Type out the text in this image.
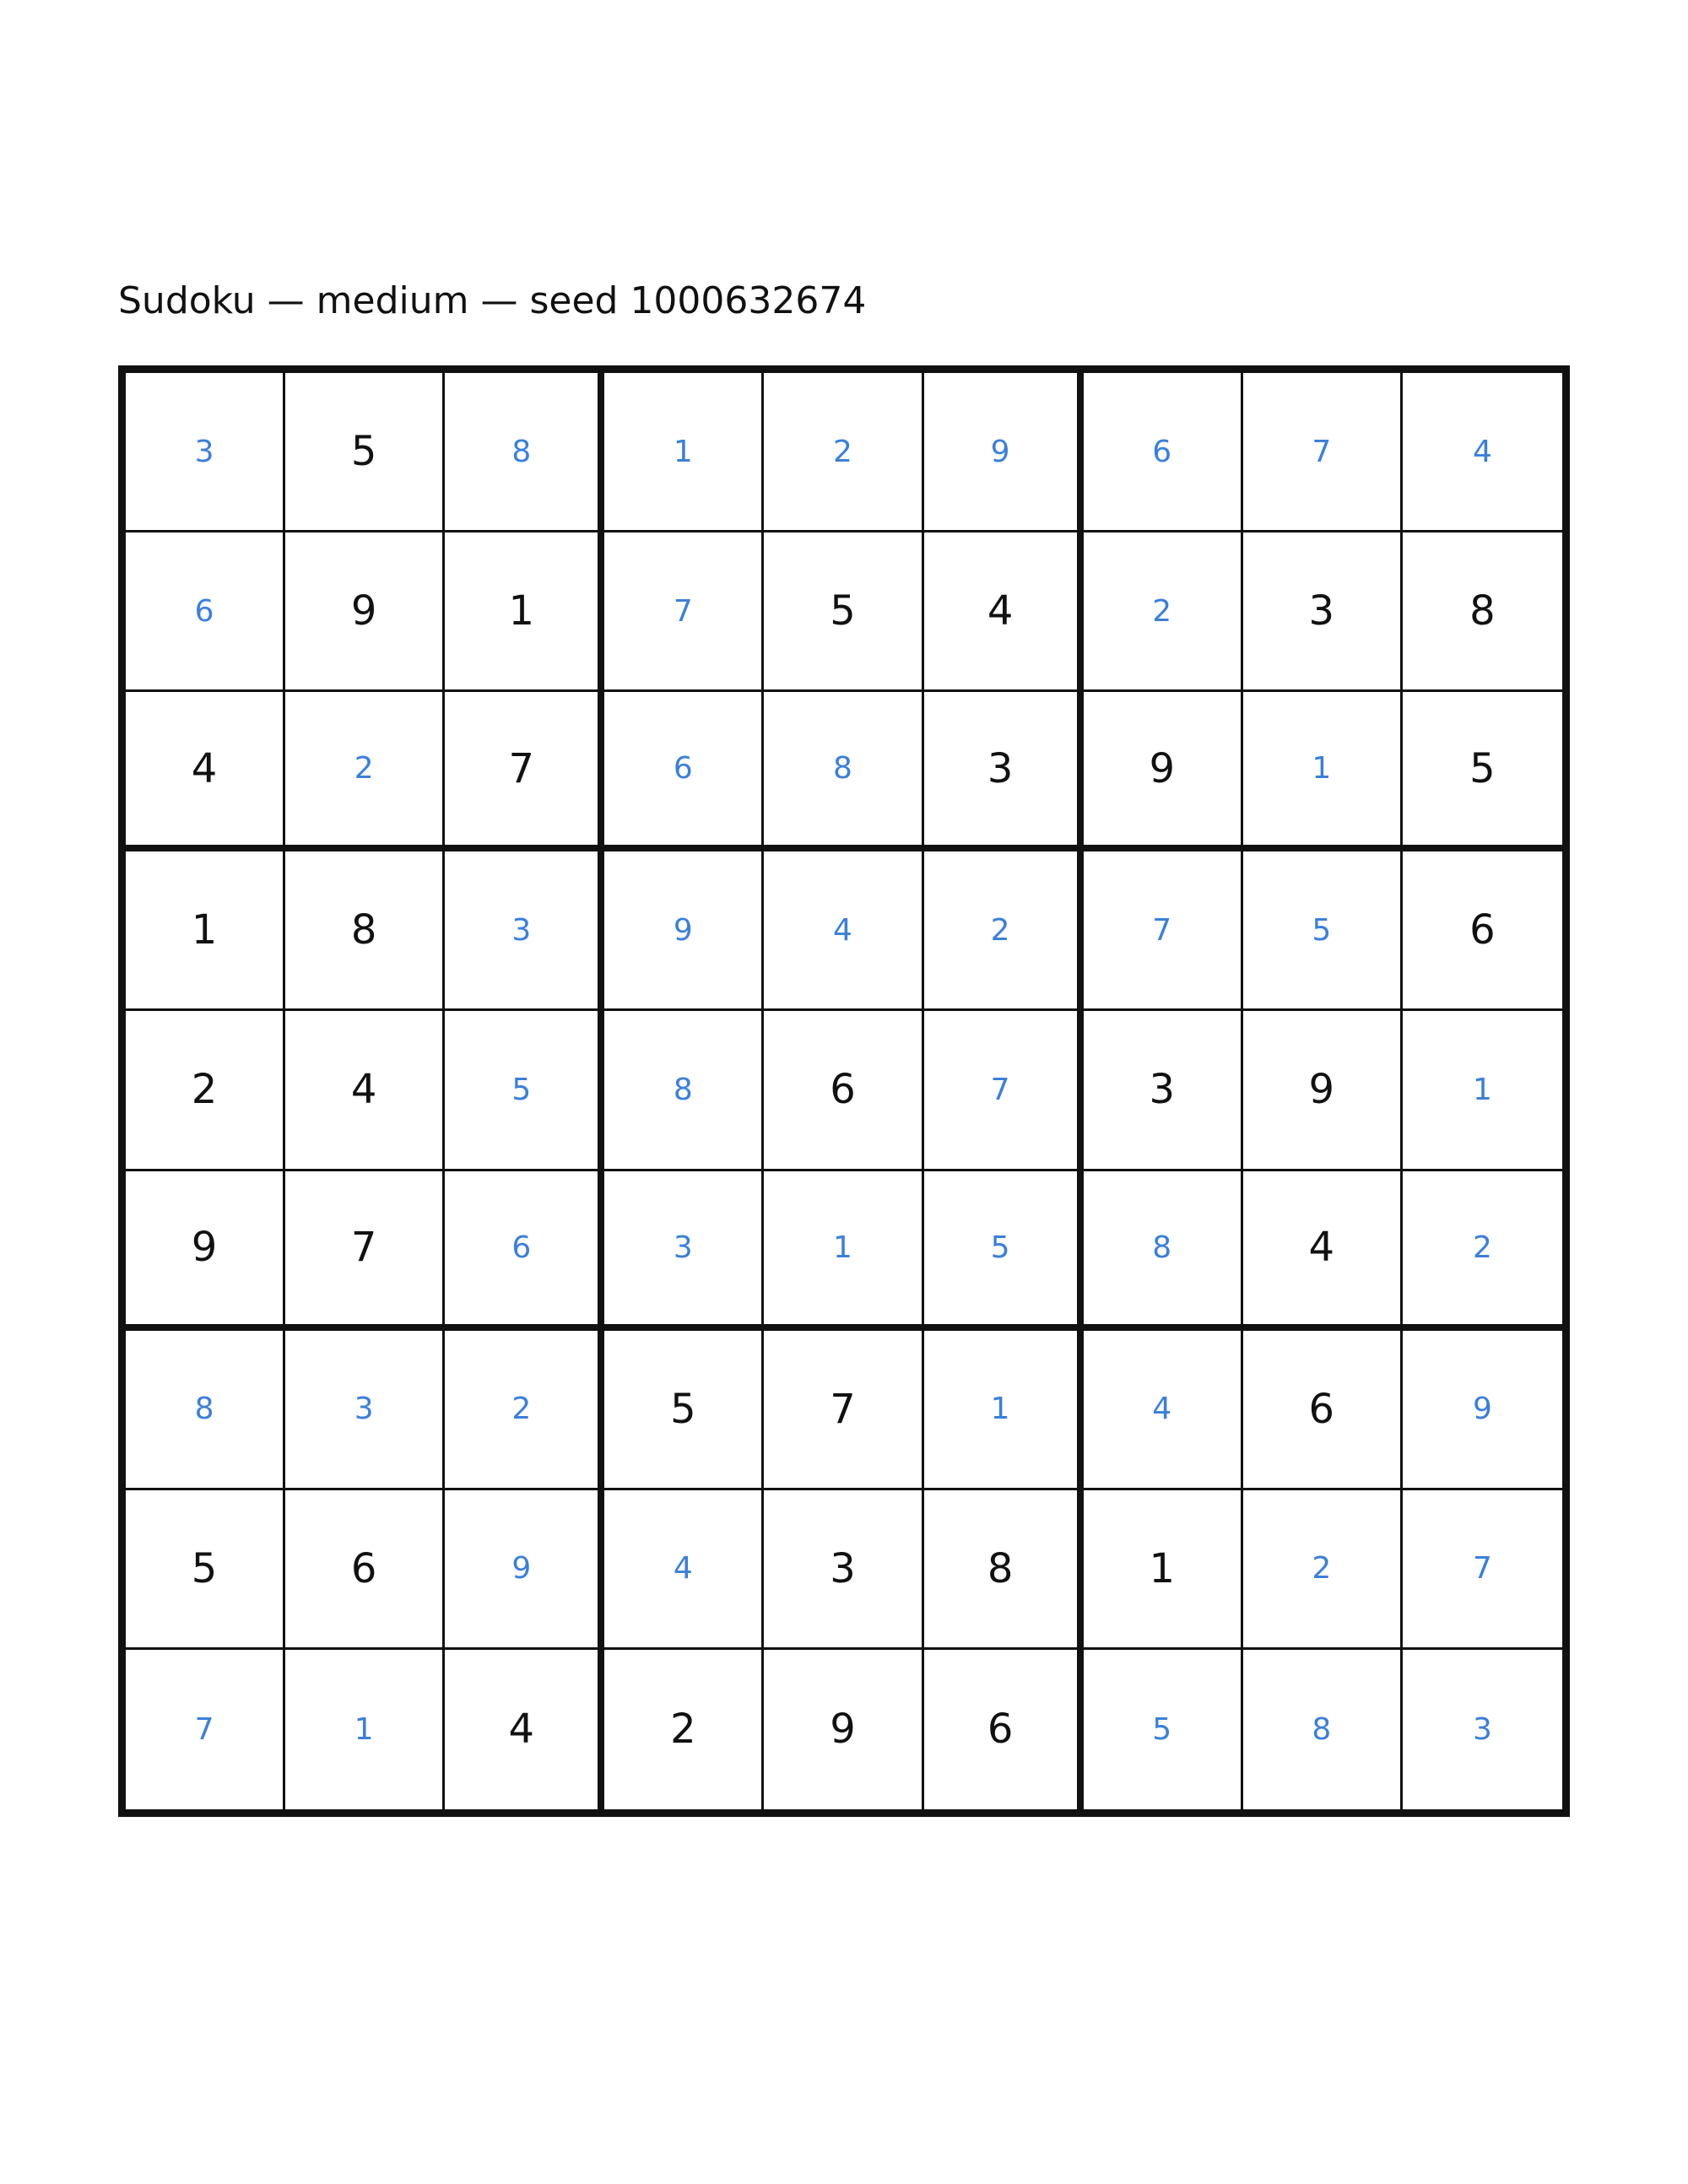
Sudoku — medium — seed 1000632674
3	5	8	1	2	9	6	7	4
6	9	1	7	5	4	2	3	8
4	2	7	6	8	3	9	1	5
1	8	3	9	4	2	7	5	6
2	4	5	8	6	7	3	9	1
9	7	6	3	1	5	8	4	2
8	3	2	5	7	1	4	6	9
5	6	9	4	3	8	1	2	7
7	1	4	2	9	6	5	8	3
